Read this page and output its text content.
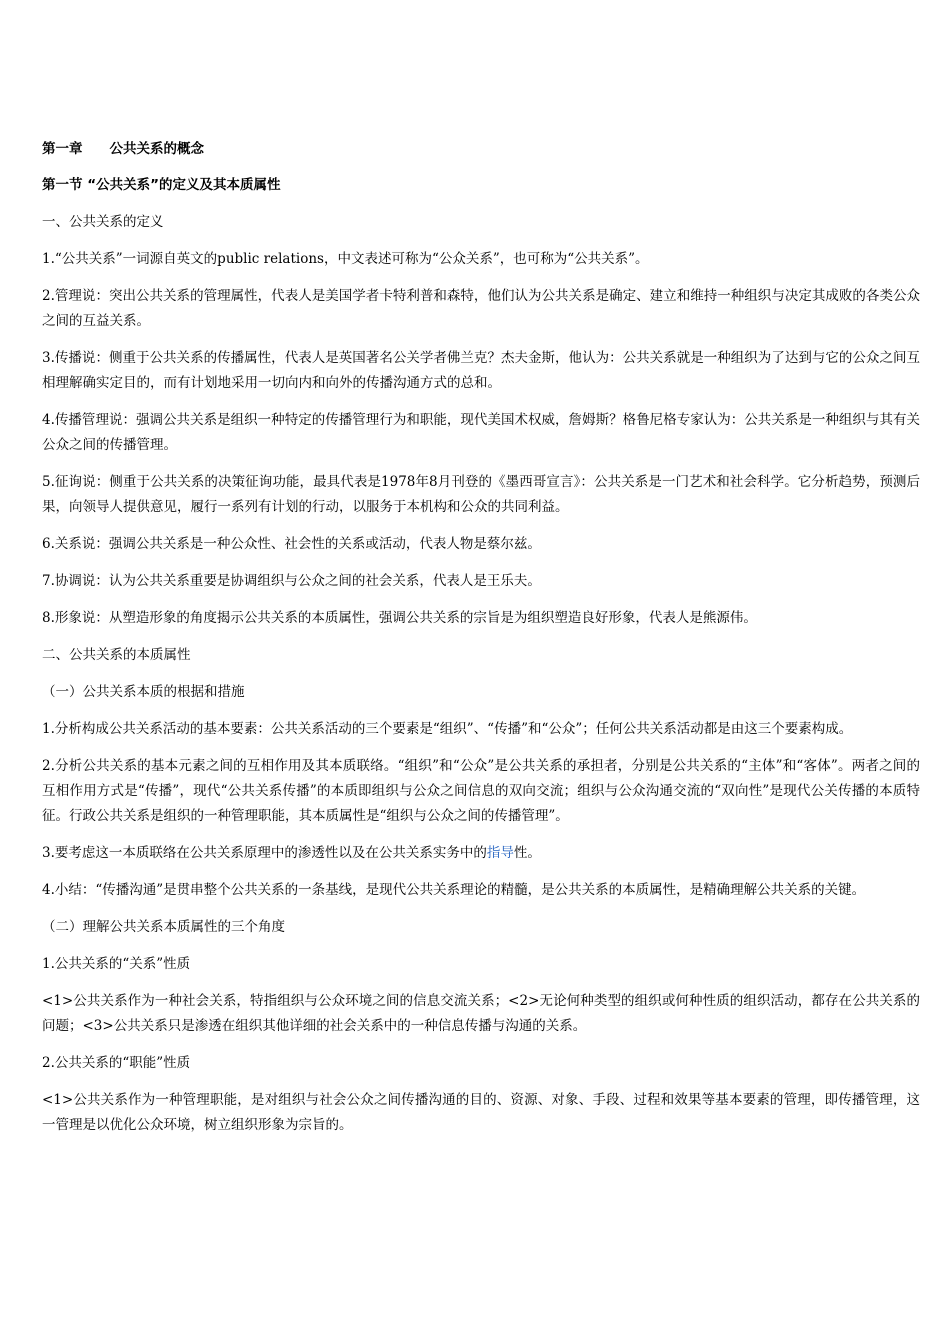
第一章　　公共关系的概念
第一节 “公共关系”的定义及其本质属性

一、公共关系的定义

1.“公共关系”一词源自英文的public relations，中文表述可称为“公众关系”，也可称为“公共关系”。

2.管理说：突出公共关系的管理属性，代表人是美国学者卡特利普和森特，他们认为公共关系是确定、建立和维持一种组织与决定其成败的各类公众之间的互益关系。

3.传播说：侧重于公共关系的传播属性，代表人是英国著名公关学者佛兰克？杰夫金斯，他认为：公共关系就是一种组织为了达到与它的公众之间互相理解确实定目的，而有计划地采用一切向内和向外的传播沟通方式的总和。

4.传播管理说：强调公共关系是组织一种特定的传播管理行为和职能，现代美国术权威，詹姆斯？格鲁尼格专家认为：公共关系是一种组织与其有关公众之间的传播管理。

5.征询说：侧重于公共关系的决策征询功能，最具代表是1978年8月刊登的《墨西哥宣言》：公共关系是一门艺术和社会科学。它分析趋势，预测后果，向领导人提供意见，履行一系列有计划的行动，以服务于本机构和公众的共同利益。

6.关系说：强调公共关系是一种公众性、社会性的关系或活动，代表人物是蔡尔兹。

7.协调说：认为公共关系重要是协调组织与公众之间的社会关系，代表人是王乐夫。

8.形象说：从塑造形象的角度揭示公共关系的本质属性，强调公共关系的宗旨是为组织塑造良好形象，代表人是熊源伟。

二、公共关系的本质属性

（一）公共关系本质的根据和措施

1.分析构成公共关系活动的基本要素：公共关系活动的三个要素是“组织”、“传播”和“公众”；任何公共关系活动都是由这三个要素构成。

2.分析公共关系的基本元素之间的互相作用及其本质联络。“组织”和“公众”是公共关系的承担者，分别是公共关系的“主体”和“客体”。两者之间的互相作用方式是“传播”，现代“公共关系传播”的本质即组织与公众之间信息的双向交流；组织与公众沟通交流的“双向性”是现代公关传播的本质特征。行政公共关系是组织的一种管理职能，其本质属性是“组织与公众之间的传播管理”。

3.要考虑这一本质联络在公共关系原理中的渗透性以及在公共关系实务中的指导性。

4.小结：“传播沟通”是贯串整个公共关系的一条基线，是现代公共关系理论的精髓，是公共关系的本质属性，是精确理解公共关系的关键。

（二）理解公共关系本质属性的三个角度

1.公共关系的“关系”性质

<1>公共关系作为一种社会关系，特指组织与公众环境之间的信息交流关系；<2>无论何种类型的组织或何种性质的组织活动，都存在公共关系的问题；<3>公共关系只是渗透在组织其他详细的社会关系中的一种信息传播与沟通的关系。

2.公共关系的“职能”性质

<1>公共关系作为一种管理职能，是对组织与社会公众之间传播沟通的目的、资源、对象、手段、过程和效果等基本要素的管理，即传播管理，这一管理是以优化公众环境，树立组织形象为宗旨的。
